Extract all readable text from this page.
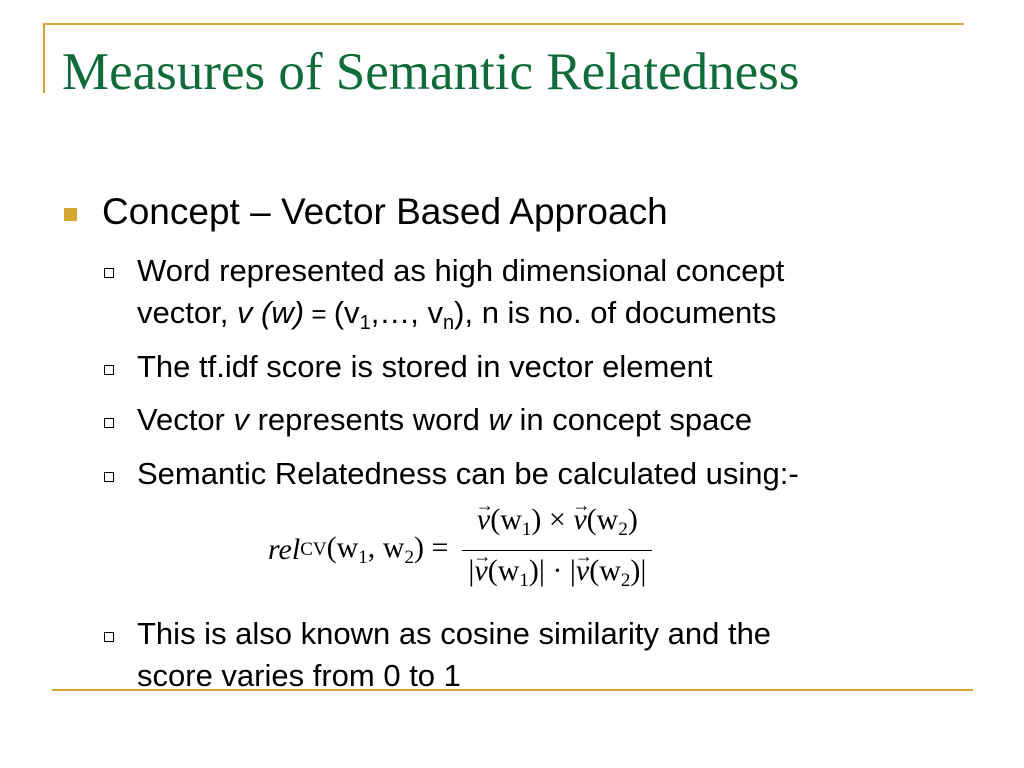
Measures of Semantic Relatedness
Concept – Vector Based Approach
Word represented as high dimensional concept
vector, v $(w) = (v_1,\dots$, $v_n$), n is no. of documents
The tf.idf score is stored in vector element
Vector v represents word w in concept space
Semantic Relatedness can be calculated using:-
rel CV ($w_1$, $w_2$) =
→ $\frac{v(w_1) \times \to v(w_2)}{|\to v(w_1)| \cdot |\to v(w_2)|}$
This is also known as cosine similarity and the
score varies from 0 to 1
